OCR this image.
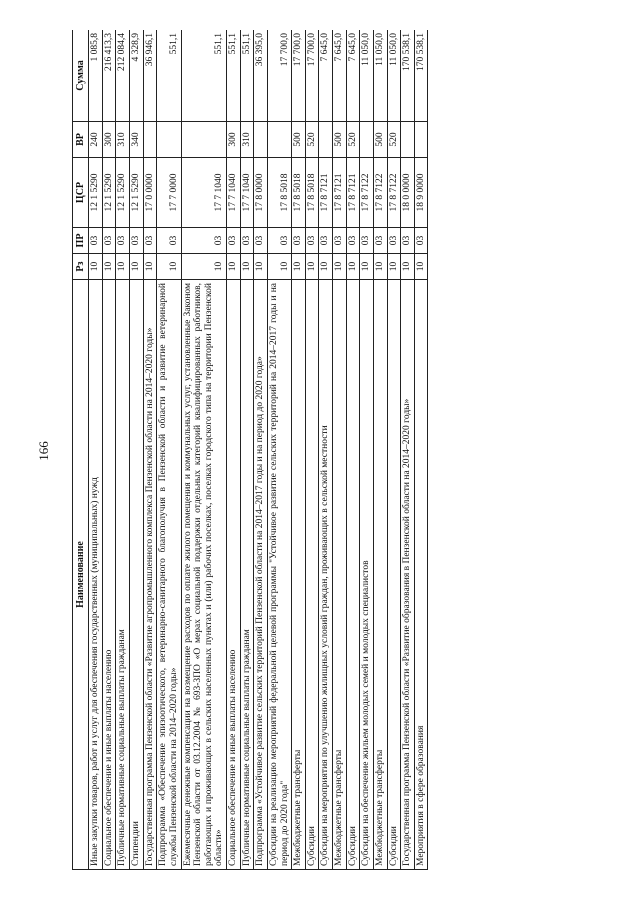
166
Наименование	Рз	ПР	ЦСР	ВР	Сумма
Иные закупки товаров, работ и услуг для обеспечения государственных (муниципальных) нужд	10	03	12 1 5290	240	1 085,8
Социальное обеспечение и иные выплаты населению	10	03	12 1 5290	300	216 413,3
Публичные нормативные социальные выплаты гражданам	10	03	12 1 5290	310	212 084,4
Стипендии	10	03	12 1 5290	340	4 328,9
Государственная программа Пензенской области «Развитие агропромышленного комплекса Пензенской области на 2014–2020 годы»	10	03	17 0 0000		36 946,1
Подпрограмма «Обеспечение эпизоотического, ветеринарно-санитарного благополучия в Пензенской области и развитие ветеринарной службы Пензенской области на 2014–2020 годы»	10	03	17 7 0000		551,1
Ежемесячные денежные компенсации на возмещение расходов по оплате жилого помещения и коммунальных услуг, установленные Законом Пензенской области от 03.12.2004 № 693-ЗПО «О мерах социальной поддержки отдельных категорий квалифицированных работников, работающих и проживающих в сельских населенных пунктах и (или) рабочих поселках, поселках городского типа на территории Пензенской области»	10	03	17 7 1040		551,1
Социальное обеспечение и иные выплаты населению	10	03	17 7 1040	300	551,1
Публичные нормативные социальные выплаты гражданам	10	03	17 7 1040	310	551,1
Подпрограмма «Устойчивое развитие сельских территорий Пензенской области на 2014–2017 годы и на период до 2020 года»	10	03	17 8 0000		36 395,0
Субсидии на реализацию мероприятий федеральной целевой программы "Устойчивое развитие сельских территорий на 2014–2017 годы и на период до 2020 года"	10	03	17 8 5018		17 700,0
Межбюджетные трансферты	10	03	17 8 5018	500	17 700,0
Субсидии	10	03	17 8 5018	520	17 700,0
Субсидии на мероприятия по улучшению жилищных условий граждан, проживающих в сельской местности	10	03	17 8 7121		7 645,0
Межбюджетные трансферты	10	03	17 8 7121	500	7 645,0
Субсидии	10	03	17 8 7121	520	7 645,0
Субсидии на обеспечение жильем молодых семей и молодых специалистов	10	03	17 8 7122		11 050,0
Межбюджетные трансферты	10	03	17 8 7122	500	11 050,0
Субсидии	10	03	17 8 7122	520	11 050,0
Государственная программа Пензенской области «Развитие образования в Пензенской области на 2014–2020 годы»	10	03	18 0 0000		170 538,1
Мероприятия в сфере образования	10	03	18 9 0000		170 538,1
